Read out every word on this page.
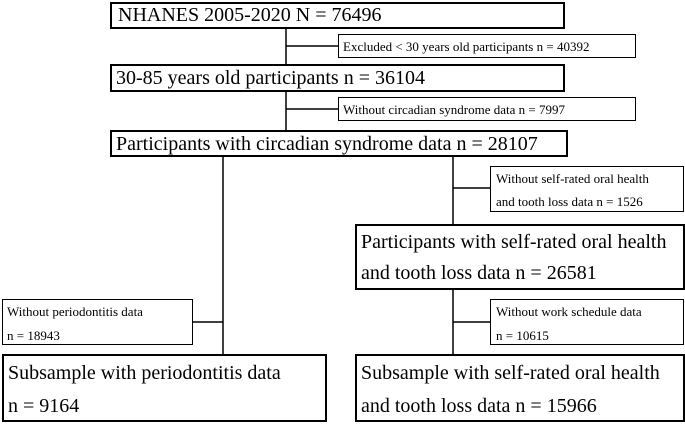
NHANES 2005-2020 N = 76496
Excluded < 30 years old participants n = 40392
30-85 years old participants n = 36104
Without circadian syndrome data n = 7997
Participants with circadian syndrome data n = 28107
Without self-rated oral health
and tooth loss data n = 1526
Participants with self-rated oral health
and tooth loss data n = 26581
Without periodontitis data
n = 18943
Without work schedule data
n = 10615
Subsample with periodontitis data
n = 9164
Subsample with self-rated oral health
and tooth loss data n = 15966
